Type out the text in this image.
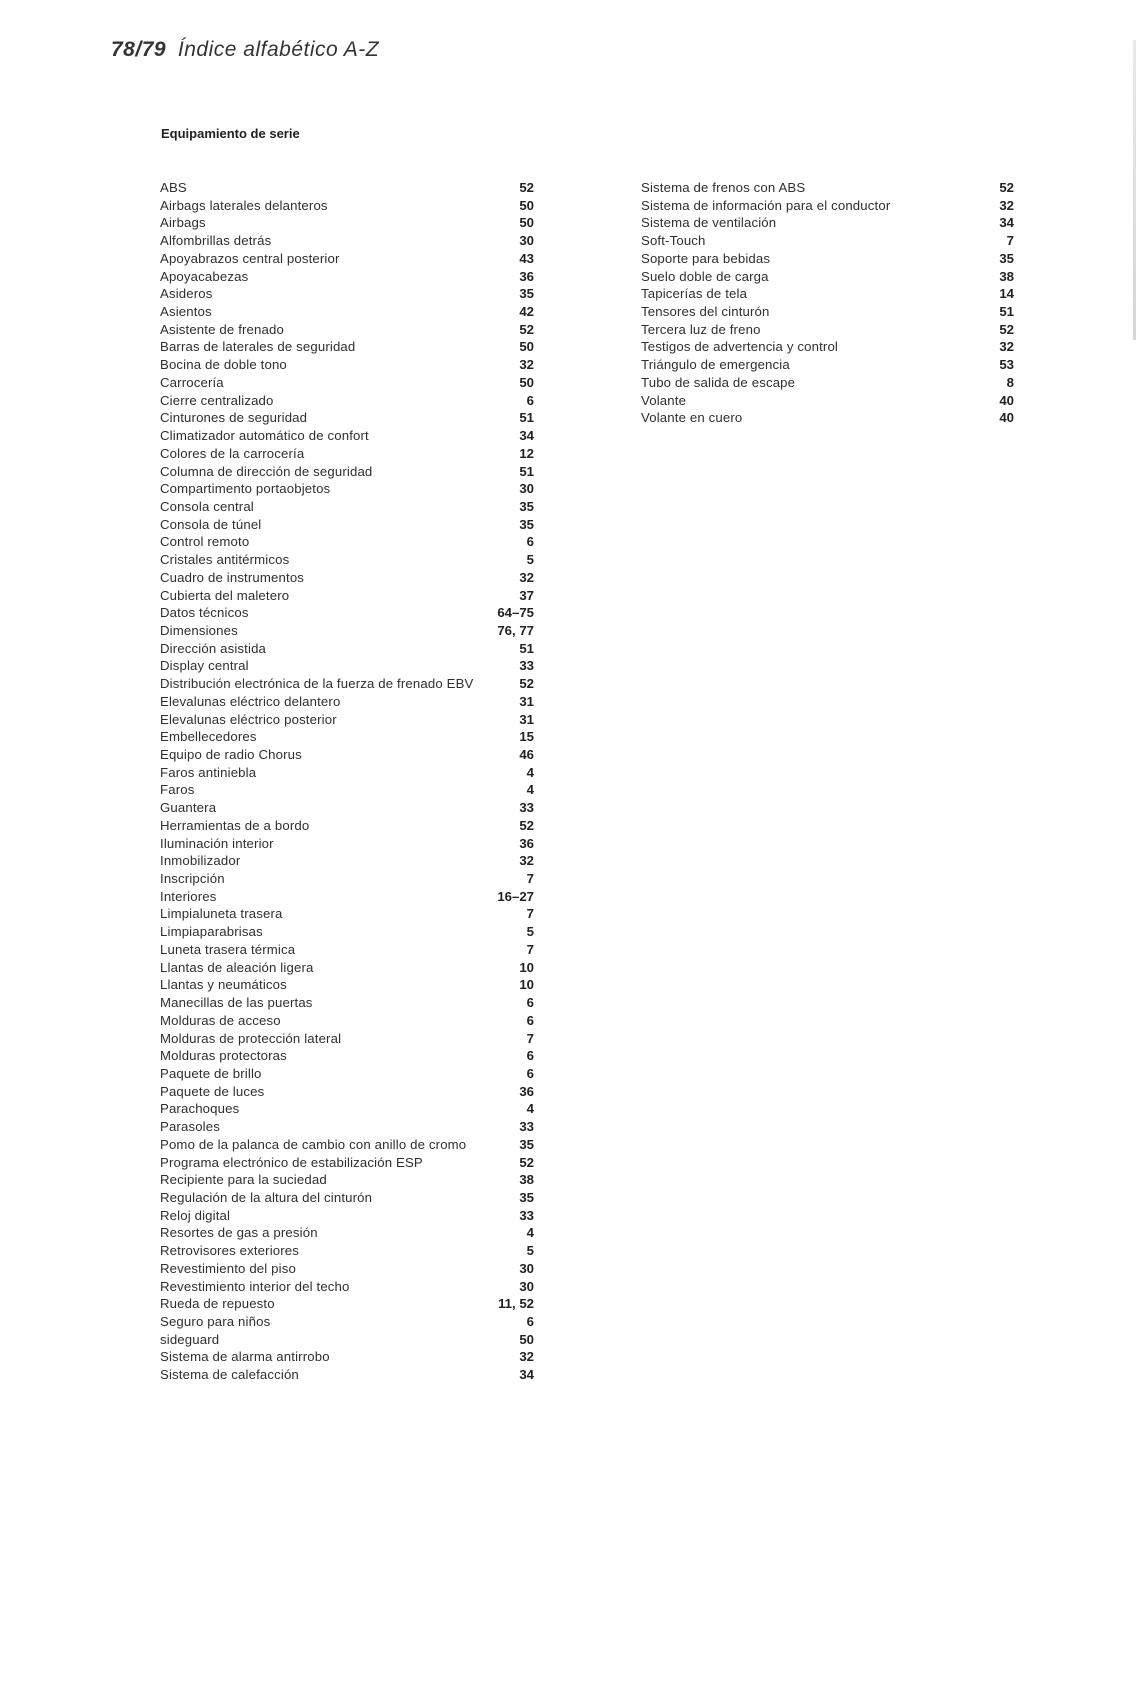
78/79 Índice alfabético A-Z
Equipamiento de serie
ABS	52
Airbags laterales delanteros	50
Airbags	50
Alfombrillas detrás	30
Apoyabrazos central posterior	43
Apoyacabezas	36
Asideros	35
Asientos	42
Asistente de frenado	52
Barras de laterales de seguridad	50
Bocina de doble tono	32
Carrocería	50
Cierre centralizado	6
Cinturones de seguridad	51
Climatizador automático de confort	34
Colores de la carrocería	12
Columna de dirección de seguridad	51
Compartimento portaobjetos	30
Consola central	35
Consola de túnel	35
Control remoto	6
Cristales antitérmicos	5
Cuadro de instrumentos	32
Cubierta del maletero	37
Datos técnicos	64–75
Dimensiones	76, 77
Dirección asistida	51
Display central	33
Distribución electrónica de la fuerza de frenado EBV	52
Elevalunas eléctrico delantero	31
Elevalunas eléctrico posterior	31
Embellecedores	15
Equipo de radio Chorus	46
Faros antiniebla	4
Faros	4
Guantera	33
Herramientas de a bordo	52
Iluminación interior	36
Inmobilizador	32
Inscripción	7
Interiores	16–27
Limpialuneta trasera	7
Limpiaparabrisas	5
Luneta trasera térmica	7
Llantas de aleación ligera	10
Llantas y neumáticos	10
Manecillas de las puertas	6
Molduras de acceso	6
Molduras de protección lateral	7
Molduras protectoras	6
Paquete de brillo	6
Paquete de luces	36
Parachoques	4
Parasoles	33
Pomo de la palanca de cambio con anillo de cromo	35
Programa electrónico de estabilización ESP	52
Recipiente para la suciedad	38
Regulación de la altura del cinturón	35
Reloj digital	33
Resortes de gas a presión	4
Retrovisores exteriores	5
Revestimiento del piso	30
Revestimiento interior del techo	30
Rueda de repuesto	11, 52
Seguro para niños	6
sideguard	50
Sistema de alarma antirrobo	32
Sistema de calefacción	34
Sistema de frenos con ABS	52
Sistema de información para el conductor	32
Sistema de ventilación	34
Soft-Touch	7
Soporte para bebidas	35
Suelo doble de carga	38
Tapicerías de tela	14
Tensores del cinturón	51
Tercera luz de freno	52
Testigos de advertencia y control	32
Triángulo de emergencia	53
Tubo de salida de escape	8
Volante	40
Volante en cuero	40
